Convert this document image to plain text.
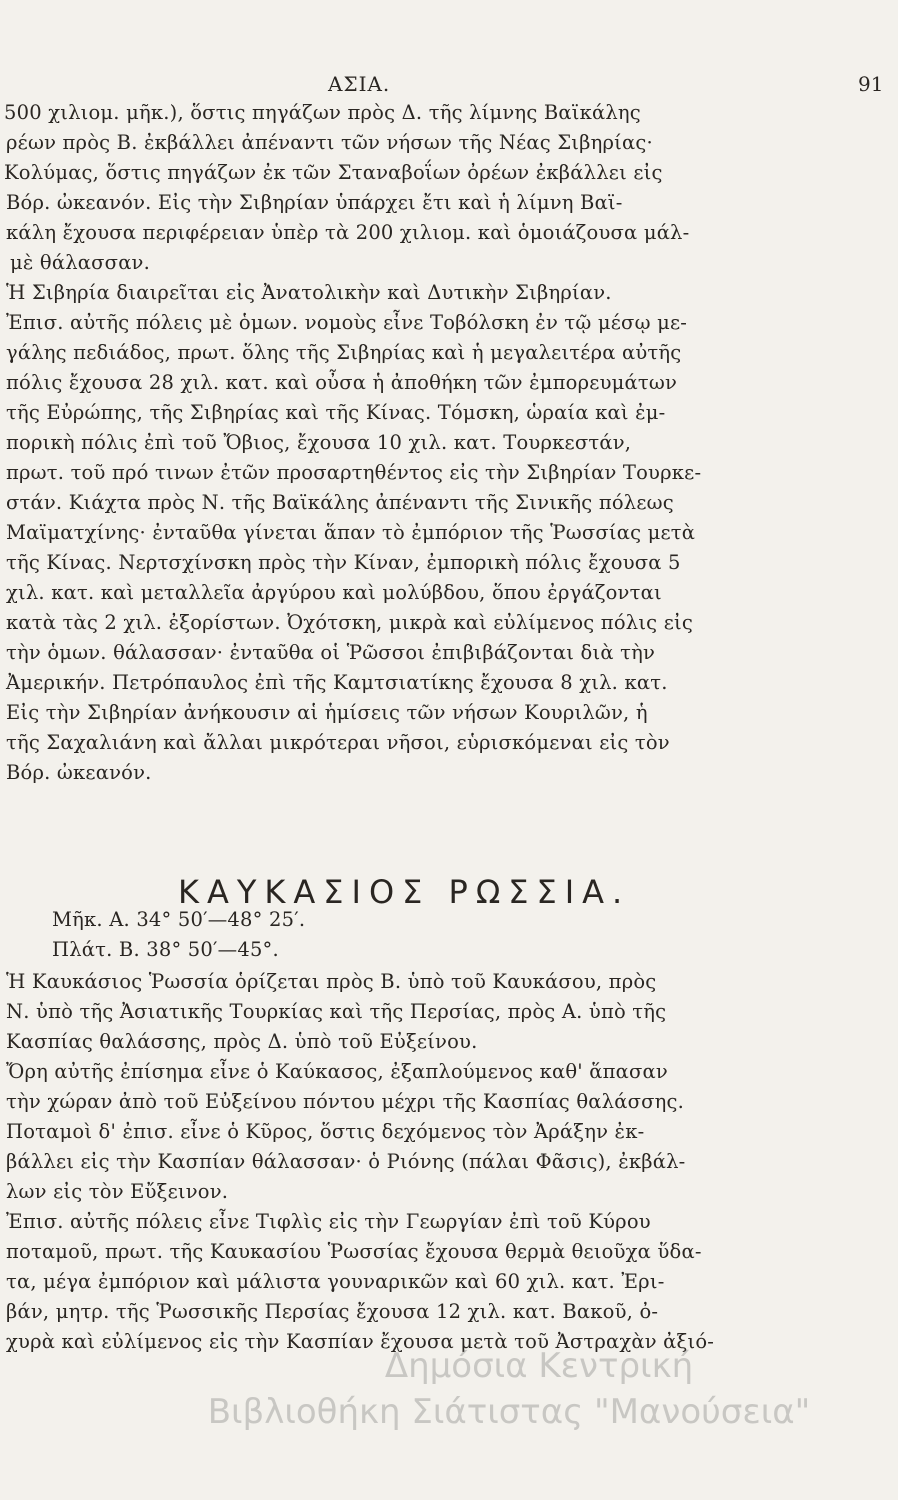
ΑΣΙΑ.	91

500 χιλιομ. μῆκ.), ὅστις πηγάζων πρὸς Δ. τῆς λίμνης Βαϊκάλης

ρέων πρὸς Β. ἐκβάλλει ἀπέναντι τῶν νήσων τῆς Νέας Σιβηρίας·

Κολύμας, ὅστις πηγάζων ἐκ τῶν Σταναβοΐων ὀρέων ἐκβάλλει εἰς

Βόρ. ὠκεανόν. Εἰς τὴν Σιβηρίαν ὑπάρχει ἔτι καὶ ἡ λίμνη Βαϊ-

κάλη ἔχουσα περιφέρειαν ὑπὲρ τὰ 200 χιλιομ. καὶ ὁμοιάζουσα μάλ-

μὲ θάλασσαν.

Ἡ Σιβηρία διαιρεῖται εἰς Ἀνατολικὴν καὶ Δυτικὴν Σιβηρίαν.

Ἐπισ. αὐτῆς πόλεις μὲ ὁμων. νομοὺς εἶνε Τοβόλσκη ἐν τῷ μέσῳ με-

γάλης πεδιάδος, πρωτ. ὅλης τῆς Σιβηρίας καὶ ἡ μεγαλειτέρα αὐτῆς

πόλις ἔχουσα 28 χιλ. κατ. καὶ οὖσα ἡ ἀποθήκη τῶν ἐμπορευμάτων

τῆς Εὐρώπης, τῆς Σιβηρίας καὶ τῆς Κίνας. Τόμσκη, ὡραία καὶ ἐμ-

πορικὴ πόλις ἐπὶ τοῦ Ὄβιος, ἔχουσα 10 χιλ. κατ. Τουρκεστάν,

πρωτ. τοῦ πρό τινων ἐτῶν προσαρτηθέντος εἰς τὴν Σιβηρίαν Τουρκε-

στάν. Κιάχτα πρὸς Ν. τῆς Βαϊκάλης ἀπέναντι τῆς Σινικῆς πόλεως

Μαϊματχίνης· ἐνταῦθα γίνεται ἅπαν τὸ ἐμπόριον τῆς Ῥωσσίας μετὰ

τῆς Κίνας. Νερτσχίνσκη πρὸς τὴν Κίναν, ἐμπορικὴ πόλις ἔχουσα 5

χιλ. κατ. καὶ μεταλλεῖα ἀργύρου καὶ μολύβδου, ὅπου ἐργάζονται

κατὰ τὰς 2 χιλ. ἐξορίστων. Ὀχότσκη, μικρὰ καὶ εὐλίμενος πόλις εἰς

τὴν ὁμων. θάλασσαν· ἐνταῦθα οἱ Ῥῶσσοι ἐπιβιβάζονται διὰ τὴν

Ἀμερικήν. Πετρόπαυλος ἐπὶ τῆς Καμτσιατίκης ἔχουσα 8 χιλ. κατ.

Εἰς τὴν Σιβηρίαν ἀνήκουσιν αἱ ἡμίσεις τῶν νήσων Κουριλῶν, ἡ

τῆς Σαχαλιάνη καὶ ἄλλαι μικρότεραι νῆσοι, εὑρισκόμεναι εἰς τὸν

Βόρ. ὠκεανόν.

ΚΑΥΚΑΣΙΟΣ ΡΩΣΣΙΑ.

Μῆκ. Α. 34° 50′—48° 25′.

Πλάτ. Β. 38° 50′—45°.

Ἡ Καυκάσιος Ῥωσσία ὁρίζεται πρὸς Β. ὑπὸ τοῦ Καυκάσου, πρὸς

Ν. ὑπὸ τῆς Ἀσιατικῆς Τουρκίας καὶ τῆς Περσίας, πρὸς Α. ὑπὸ τῆς

Κασπίας θαλάσσης, πρὸς Δ. ὑπὸ τοῦ Εὐξείνου.

Ὄρη αὐτῆς ἐπίσημα εἶνε ὁ Καύκασος, ἐξαπλούμενος καθ' ἅπασαν

τὴν χώραν ἀπὸ τοῦ Εὐξείνου πόντου μέχρι τῆς Κασπίας θαλάσσης.

Ποταμοὶ δ' ἐπισ. εἶνε ὁ Κῦρος, ὅστις δεχόμενος τὸν Ἀράξην ἐκ-

βάλλει εἰς τὴν Κασπίαν θάλασσαν· ὁ Ριόνης (πάλαι Φᾶσις), ἐκβάλ-

λων εἰς τὸν Εὔξεινον.

Ἐπισ. αὐτῆς πόλεις εἶνε Τιφλὶς εἰς τὴν Γεωργίαν ἐπὶ τοῦ Κύρου

ποταμοῦ, πρωτ. τῆς Καυκασίου Ῥωσσίας ἔχουσα θερμὰ θειοῦχα ὕδα-

τα, μέγα ἐμπόριον καὶ μάλιστα γουναρικῶν καὶ 60 χιλ. κατ. Ἐρι-

βάν, μητρ. τῆς Ῥωσσικῆς Περσίας ἔχουσα 12 χιλ. κατ. Βακοῦ, ὀ-

χυρὰ καὶ εὐλίμενος εἰς τὴν Κασπίαν ἔχουσα μετὰ τοῦ Ἀστραχὰν ἀξιό-

Δημόσια Κεντρική
Βιβλιοθήκη Σιάτιστας "Μανούσεια"
